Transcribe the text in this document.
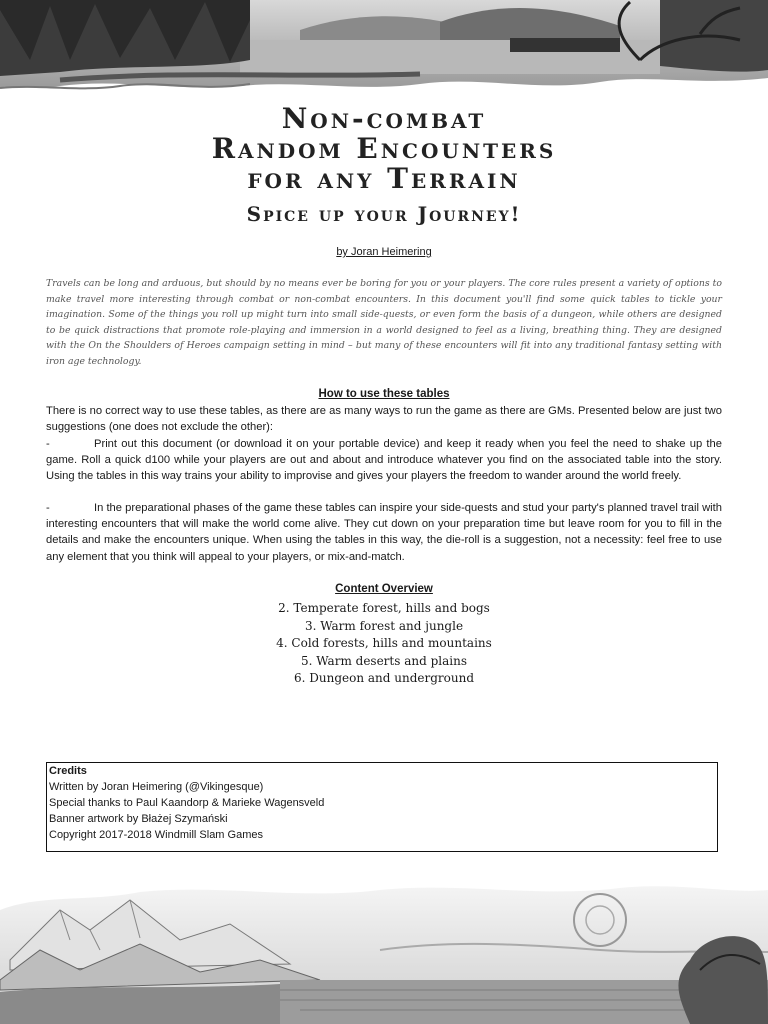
Non-combat
Random Encounters
for any Terrain
Spice up your Journey!
by Joran Heimering
Travels can be long and arduous, but should by no means ever be boring for you or your players. The core rules present a variety of options to make travel more interesting through combat or non-combat encounters. In this document you'll find some quick tables to tickle your imagination. Some of the things you roll up might turn into small side-quests, or even form the basis of a dungeon, while others are designed to be quick distractions that promote role-playing and immersion in a world designed to feel as a living, breathing thing. They are designed with the On the Shoulders of Heroes campaign setting in mind – but many of these encounters will fit into any traditional fantasy setting with iron age technology.
How to use these tables
There is no correct way to use these tables, as there are as many ways to run the game as there are GMs. Presented below are just two suggestions (one does not exclude the other):

-	Print out this document (or download it on your portable device) and keep it ready when you feel the need to shake up the game. Roll a quick d100 while your players are out and about and introduce whatever you find on the associated table into the story. Using the tables in this way trains your ability to improvise and gives your players the freedom to wander around the world freely.

-	In the preparational phases of the game these tables can inspire your side-quests and stud your party's planned travel trail with interesting encounters that will make the world come alive. They cut down on your preparation time but leave room for you to fill in the details and make the encounters unique. When using the tables in this way, the die-roll is a suggestion, not a necessity: feel free to use any element that you think will appeal to your players, or mix-and-match.

Content Overview
2. Temperate forest, hills and bogs
3. Warm forest and jungle
4. Cold forests, hills and mountains
5. Warm deserts and plains
6. Dungeon and underground
Credits
Written by Joran Heimering (@Vikingesque)
Special thanks to Paul Kaandorp & Marieke Wagensveld
Banner artwork by Błażej Szymański
Copyright 2017-2018 Windmill Slam Games
